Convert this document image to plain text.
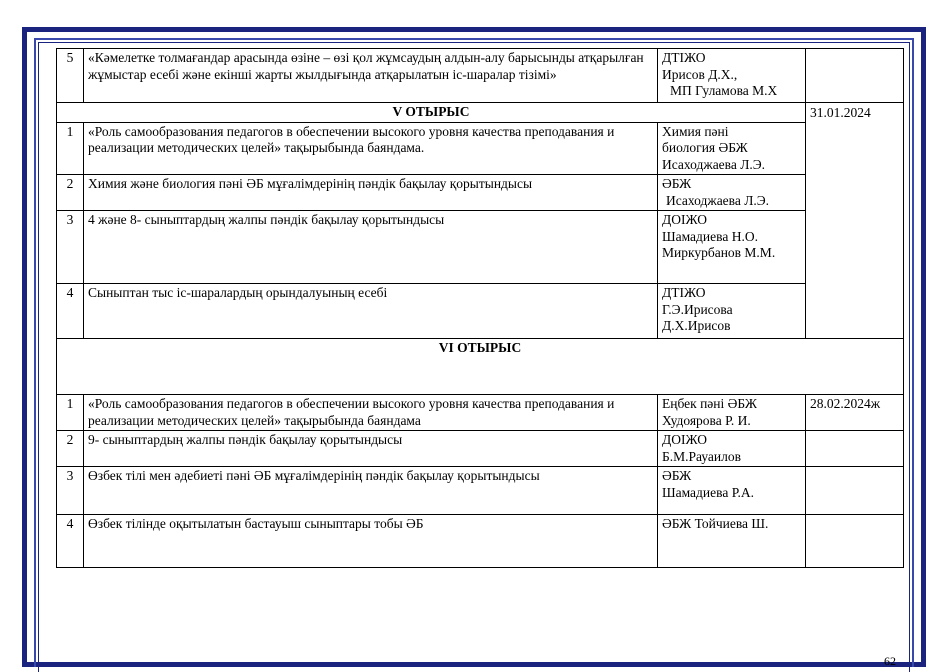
5	«Кәмелетке толмағандар арасында өзіне – өзі қол жұмсаудың алдын-алу барысынды атқарылған жұмыстар есебі және екінші жарты жылдығында атқарылатын іс-шаралар тізімі»	ДТІЖО
Ирисов Д.Х.,
МП Гуламова М.Х	

V ОТЫРЫС			31.01.2024
1	«Роль самообразования педагогов в обеспечении высокого уровня качества преподавания и реализации методических целей» тақырыбында баяндама.	Химия пәні
биология ӘБЖ
Исаходжаева Л.Э.	

2	Химия және биология пәні ӘБ мұғалімдерінің пәндік бақылау қорытындысы	ӘБЖ
Исаходжаева Л.Э.	

3	4 және 8- сыныптардың жалпы пәндік бақылау қорытындысы	ДОІЖО
Шамадиева Н.О.
Миркурбанов М.М.	

4	Сыныптан тыс іс-шаралардың орындалуының есебі	ДТІЖО
Г.Э.Ирисова
Д.Х.Ирисов	

VI ОТЫРЫС			
1	«Роль самообразования педагогов в обеспечении высокого уровня качества преподавания и реализации методических целей» тақырыбында баяндама	Еңбек пәні ӘБЖ
Худоярова Р. И.	28.02.2024ж
2	9- сыныптардың жалпы пәндік бақылау қорытындысы	ДОІЖО
Б.М.Рауаилов	

3	Өзбек тілі мен әдебиеті пәні ӘБ мұғалімдерінің пәндік бақылау қорытындысы	ӘБЖ
Шамадиева Р.А.	

4	Өзбек тілінде оқытылатын бастауыш сыныптары тобы ӘБ	ӘБЖ Тойчиева Ш.	

62
